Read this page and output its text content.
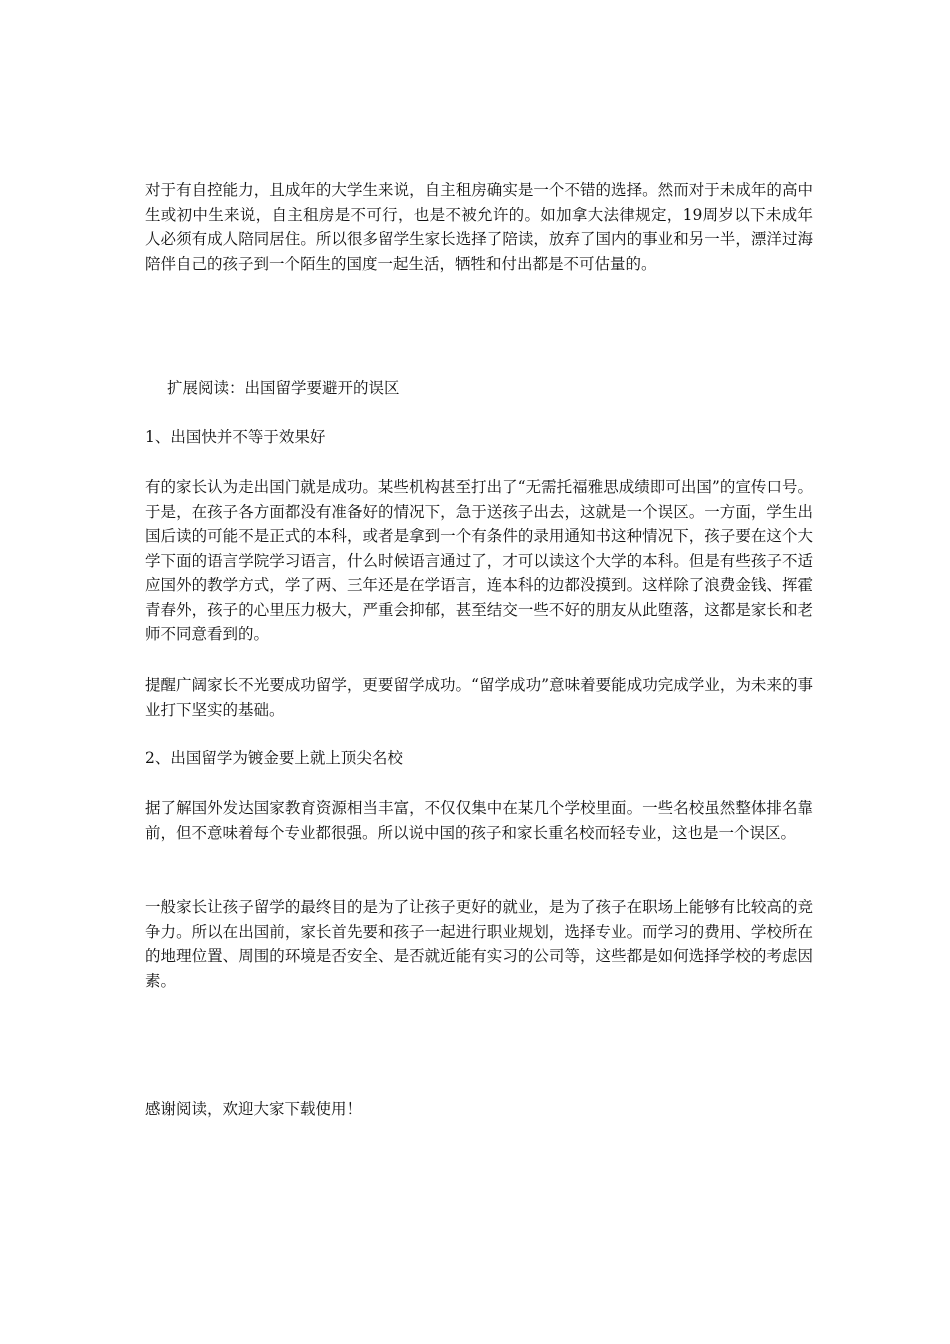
对于有自控能力，且成年的大学生来说，自主租房确实是一个不错的选择。然而对于未成年的高中生或初中生来说，自主租房是不可行，也是不被允许的。如加拿大法律规定，19周岁以下未成年人必须有成人陪同居住。所以很多留学生家长选择了陪读，放弃了国内的事业和另一半，漂洋过海陪伴自己的孩子到一个陌生的国度一起生活，牺牲和付出都是不可估量的。

扩展阅读：出国留学要避开的误区

1、出国快并不等于效果好

有的家长认为走出国门就是成功。某些机构甚至打出了“无需托福雅思成绩即可出国”的宣传口号。于是，在孩子各方面都没有准备好的情况下，急于送孩子出去，这就是一个误区。一方面，学生出国后读的可能不是正式的本科，或者是拿到一个有条件的录用通知书这种情况下，孩子要在这个大学下面的语言学院学习语言，什么时候语言通过了，才可以读这个大学的本科。但是有些孩子不适应国外的教学方式，学了两、三年还是在学语言，连本科的边都没摸到。这样除了浪费金钱、挥霍青春外，孩子的心里压力极大，严重会抑郁，甚至结交一些不好的朋友从此堕落，这都是家长和老师不同意看到的。

提醒广阔家长不光要成功留学，更要留学成功。“留学成功”意味着要能成功完成学业，为未来的事业打下坚实的基础。

2、出国留学为镀金要上就上顶尖名校

据了解国外发达国家教育资源相当丰富，不仅仅集中在某几个学校里面。一些名校虽然整体排名靠前，但不意味着每个专业都很强。所以说中国的孩子和家长重名校而轻专业，这也是一个误区。

一般家长让孩子留学的最终目的是为了让孩子更好的就业，是为了孩子在职场上能够有比较高的竞争力。所以在出国前，家长首先要和孩子一起进行职业规划，选择专业。而学习的费用、学校所在的地理位置、周围的环境是否安全、是否就近能有实习的公司等，这些都是如何选择学校的考虑因素。

感谢阅读，欢迎大家下载使用！
